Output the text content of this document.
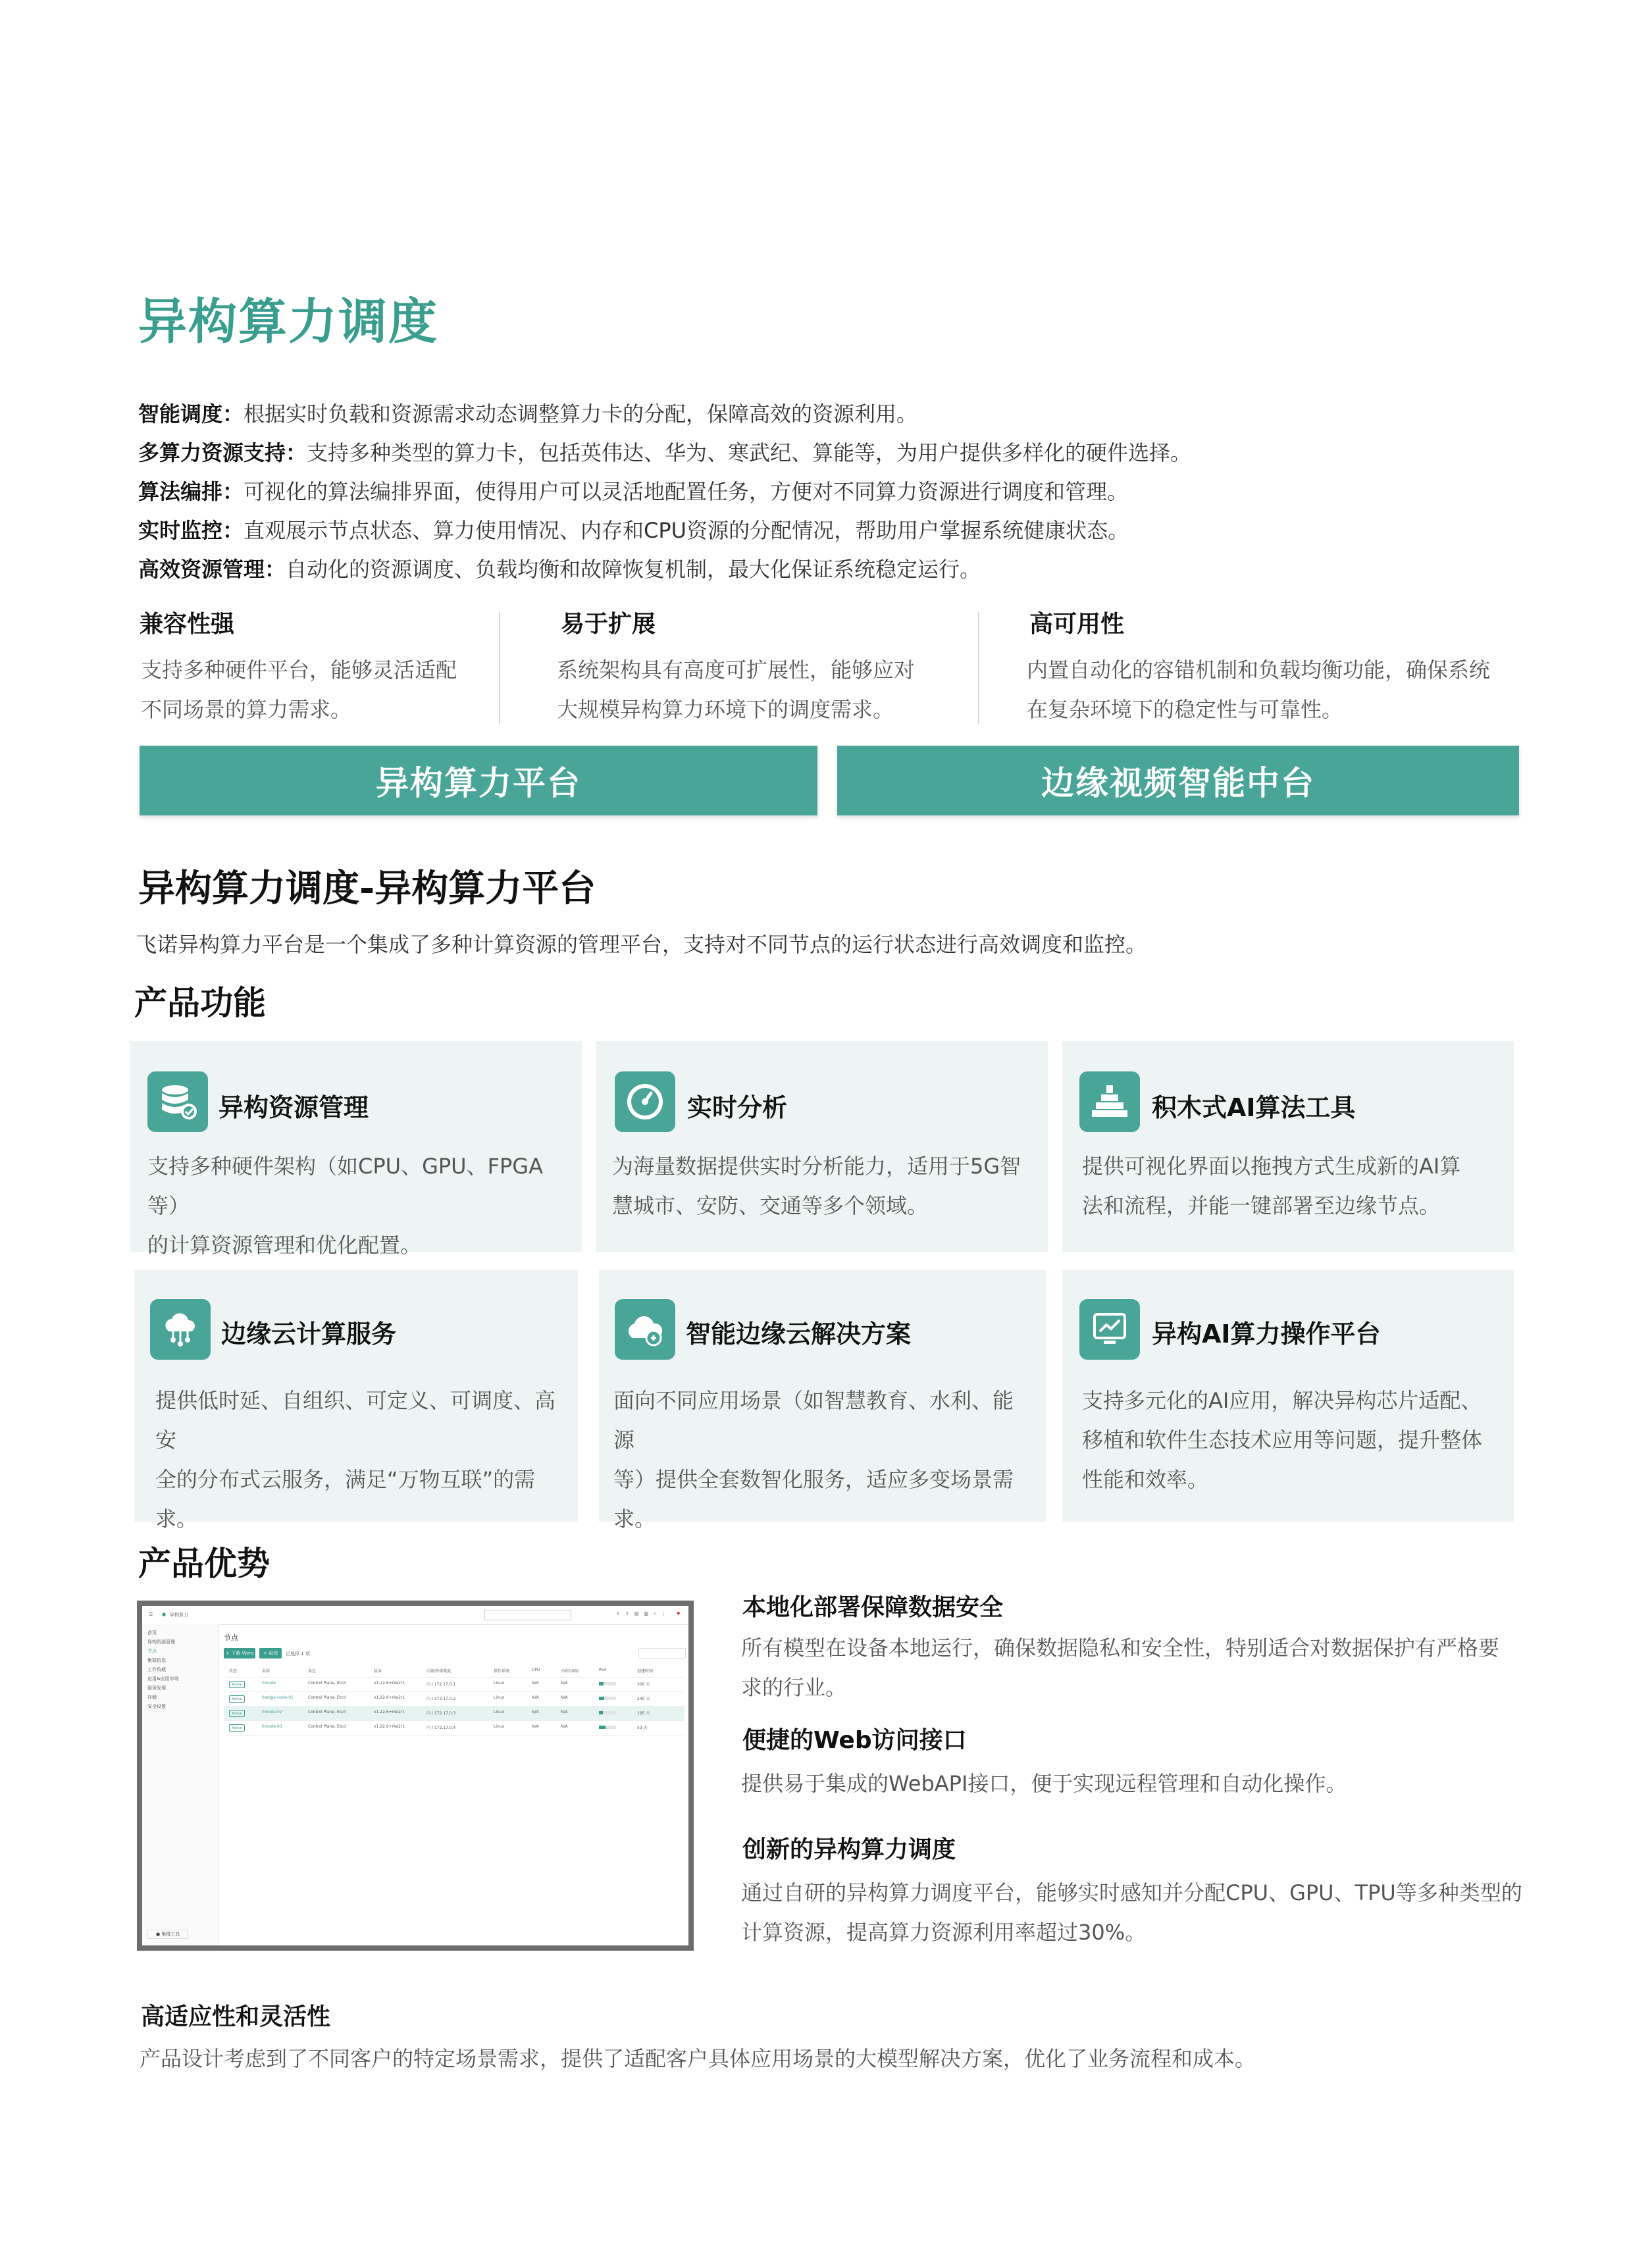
异构算力调度
智能调度：根据实时负载和资源需求动态调整算力卡的分配，保障高效的资源利用。
多算力资源支持：支持多种类型的算力卡，包括英伟达、华为、寒武纪、算能等，为用户提供多样化的硬件选择。
算法编排：可视化的算法编排界面，使得用户可以灵活地配置任务，方便对不同算力资源进行调度和管理。
实时监控：直观展示节点状态、算力使用情况、内存和CPU资源的分配情况，帮助用户掌握系统健康状态。
高效资源管理：自动化的资源调度、负载均衡和故障恢复机制，最大化保证系统稳定运行。
兼容性强
支持多种硬件平台，能够灵活适配
不同场景的算力需求。
易于扩展
系统架构具有高度可扩展性，能够应对
大规模异构算力环境下的调度需求。
高可用性
内置自动化的容错机制和负载均衡功能，确保系统
在复杂环境下的稳定性与可靠性。
异构算力平台	边缘视频智能中台
异构算力调度-异构算力平台
飞诺异构算力平台是一个集成了多种计算资源的管理平台，支持对不同节点的运行状态进行高效调度和监控。
产品功能
异构资源管理
支持多种硬件架构（如CPU、GPU、FPGA等）
的计算资源管理和优化配置。
实时分析
为海量数据提供实时分析能力，适用于5G智
慧城市、安防、交通等多个领域。
积木式AI算法工具
提供可视化界面以拖拽方式生成新的AI算
法和流程，并能一键部署至边缘节点。
边缘云计算服务
提供低时延、自组织、可定义、可调度、高安
全的分布式云服务，满足“万物互联”的需
求。
智能边缘云解决方案
面向不同应用场景（如智慧教育、水利、能源
等）提供全套数智化服务，适应多变场景需
求。
异构AI算力操作平台
支持多元化的AI应用，解决异构芯片适配、
移植和软件生态技术应用等问题，提升整体
性能和效率。
产品优势
☰ ● 异构算力	⇩⇧▤▥⌕⋮ ◆
首页
异构资源管理
节点
集群信息
工作负载
应用&应用市场
服务发现
存储
安全设置
● 集群工具
节点
+ 下载 Vjers	+ 添加	已选择 1 项
状态	名称	角色	版本	内部/外部地址	操作系统	CPU	内存(GiB)	Pod	创建时间
Active	fnnode	Control Plane, Etcd	v1.22.6+rke2r1	内 / 172.17.0.1	Linux	N/A	N/A	300 天
Active	fnedge-node-01	Control Plane, Etcd	v1.22.6+rke2r1	内 / 172.17.0.2	Linux	N/A	N/A	240 天
Active	fnnode-02	Control Plane, Etcd	v1.22.6+rke2r1	内 / 172.17.0.3	Linux	N/A	N/A	195 天
Active	fnnode-03	Control Plane, Etcd	v1.22.6+rke2r1	内 / 172.17.0.4	Linux	N/A	N/A	53 天
本地化部署保障数据安全
所有模型在设备本地运行，确保数据隐私和安全性，特别适合对数据保护有严格要
求的行业。
便捷的Web访问接口
提供易于集成的WebAPI接口，便于实现远程管理和自动化操作。
创新的异构算力调度
通过自研的异构算力调度平台，能够实时感知并分配CPU、GPU、TPU等多种类型的
计算资源，提高算力资源利用率超过30%。
高适应性和灵活性
产品设计考虑到了不同客户的特定场景需求，提供了适配客户具体应用场景的大模型解决方案，优化了业务流程和成本。
